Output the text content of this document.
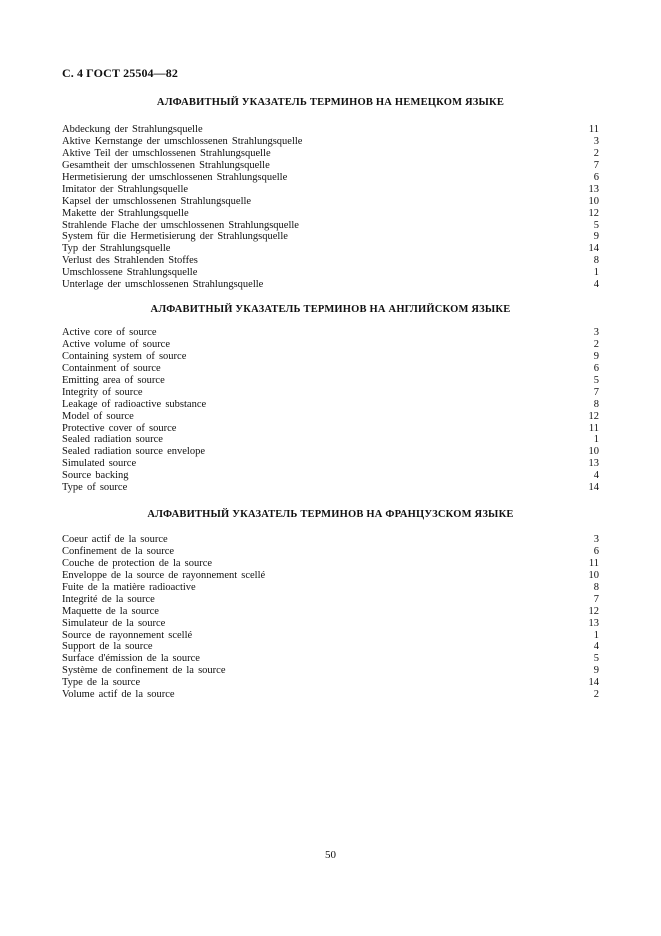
С. 4 ГОСТ 25504—82
АЛФАВИТНЫЙ УКАЗАТЕЛЬ ТЕРМИНОВ НА НЕМЕЦКОМ ЯЗЫКЕ
Abdeckung der Strahlungsquelle	11
Aktive Kernstange der umschlossenen Strahlungsquelle	3
Aktive Teil der umschlossenen Strahlungsquelle	2
Gesamtheit der umschlossenen Strahlungsquelle	7
Hermetisierung der umschlossenen Strahlungsquelle	6
Imitator der Strahlungsquelle	13
Kapsel der umschlossenen Strahlungsquelle	10
Makette der Strahlungsquelle	12
Strahlende Flache der umschlossenen Strahlungsquelle	5
System für die Hermetisierung der Strahlungsquelle	9
Typ der Strahlungsquelle	14
Verlust des Strahlenden Stoffes	8
Umschlossene Strahlungsquelle	1
Unterlage der umschlossenen Strahlungsquelle	4
АЛФАВИТНЫЙ УКАЗАТЕЛЬ ТЕРМИНОВ НА АНГЛИЙСКОМ ЯЗЫКЕ
Active core of source	3
Active volume of source	2
Containing system of source	9
Containment of source	6
Emitting area of source	5
Integrity of source	7
Leakage of radioactive substance	8
Model of source	12
Protective cover of source	11
Sealed radiation source	1
Sealed radiation source envelope	10
Simulated source	13
Source backing	4
Type of source	14
АЛФАВИТНЫЙ УКАЗАТЕЛЬ ТЕРМИНОВ НА ФРАНЦУЗСКОМ ЯЗЫКЕ
Coeur actif de la source	3
Confinement de la source	6
Couche de protection de la source	11
Enveloppe de la source de rayonnement scellé	10
Fuite de la matière radioactive	8
Integrité de la source	7
Maquette de la source	12
Simulateur de la source	13
Source de rayonnement scellé	1
Support de la source	4
Surface d'émission de la source	5
Système de confinement de la source	9
Type de la source	14
Volume actif de la source	2
50
